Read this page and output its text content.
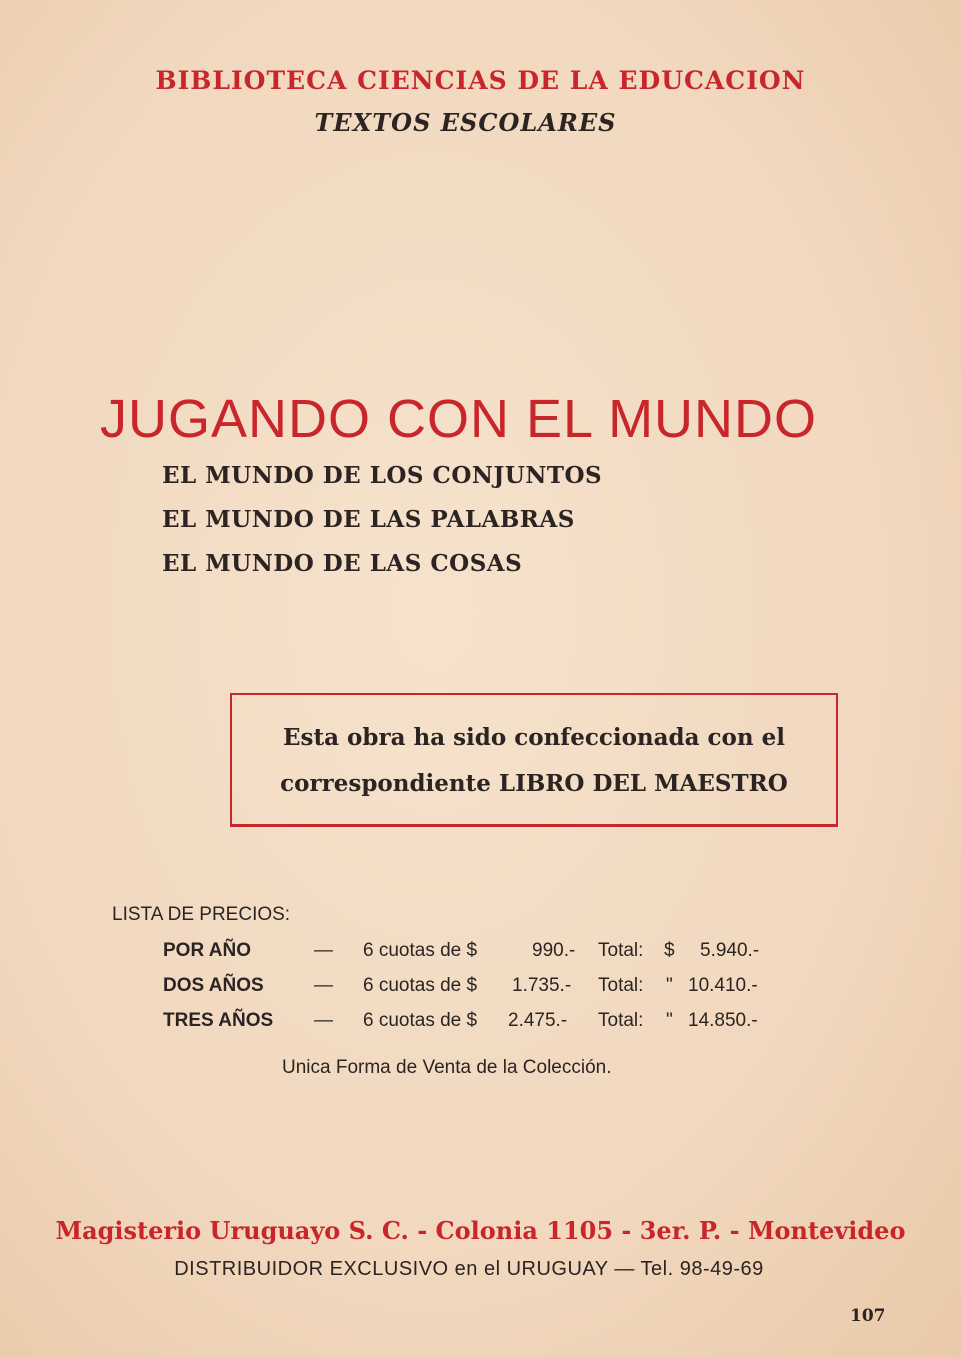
BIBLIOTECA CIENCIAS DE LA EDUCACION
TEXTOS ESCOLARES
JUGANDO CON EL MUNDO
EL MUNDO DE LOS CONJUNTOS
EL MUNDO DE LAS PALABRAS
EL MUNDO DE LAS COSAS
Esta obra ha sido confeccionada con el
correspondiente LIBRO DEL MAESTRO
LISTA DE PRECIOS:
POR AÑO	— 6 cuotas de $	990.- Total: $ 5.940.-
DOS AÑOS	— 6 cuotas de $ 1.735.- Total: " 10.410.-
TRES AÑOS — 6 cuotas de $ 2.475.- Total: " 14.850.-
Unica Forma de Venta de la Colección.
Magisterio Uruguayo S. C. - Colonia 1105 - 3er. P. - Montevideo
DISTRIBUIDOR EXCLUSIVO en el URUGUAY — Tel. 98-49-69
107
